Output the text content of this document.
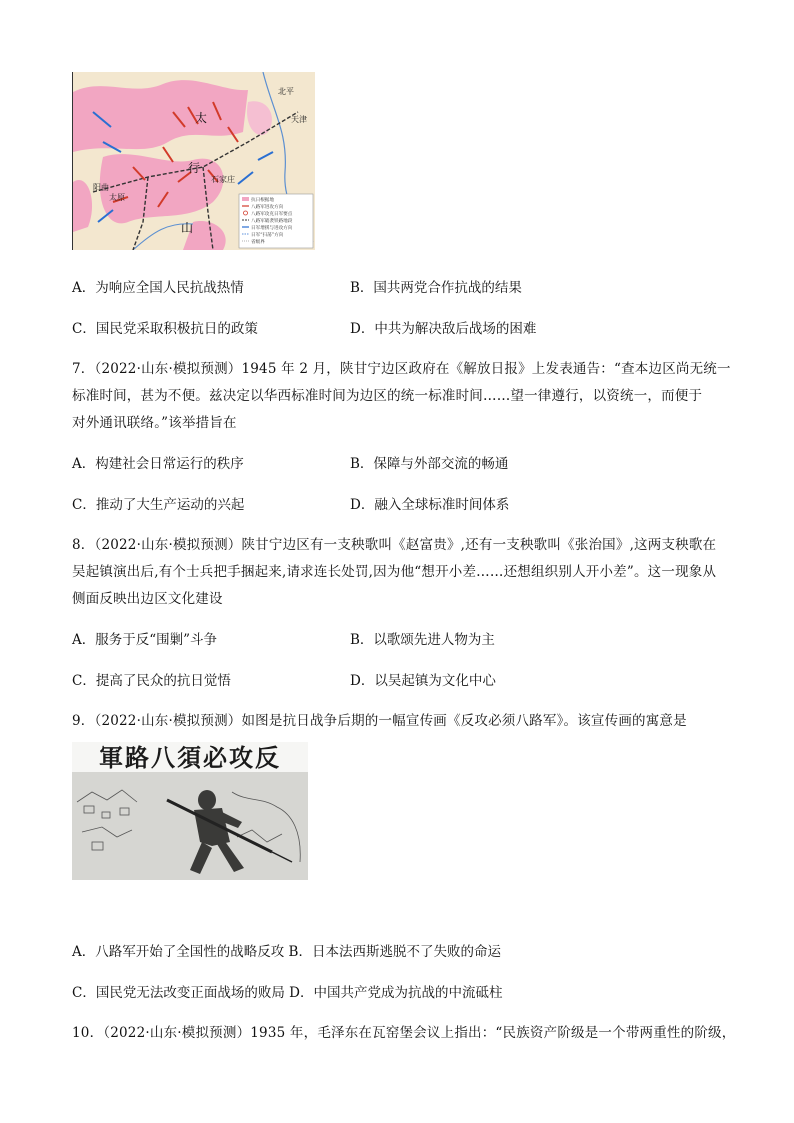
北平
天津
阳曲
太原
石家庄
太
行
山
抗日根据地
八路军进攻方向
八路军攻克日军要点
八路军破袭铁路地段
日军增援与进攻方向
日军“扫荡”方向
省级界
A．为响应全国人民抗战热情	B．国共两党合作抗战的结果
C．国民党采取积极抗日的政策	D．中共为解决敌后战场的困难
7．（2022·山东·模拟预测）1945 年 2 月，陕甘宁边区政府在《解放日报》上发表通告：“查本边区尚无统一
标准时间，甚为不便。兹决定以华西标准时间为边区的统一标准时间……望一律遵行，以资统一，而便于
对外通讯联络。”该举措旨在
A．构建社会日常运行的秩序	B．保障与外部交流的畅通
C．推动了大生产运动的兴起	D．融入全球标准时间体系
8．（2022·山东·模拟预测）陕甘宁边区有一支秧歌叫《赵富贵》,还有一支秧歌叫《张治国》,这两支秧歌在
吴起镇演出后,有个士兵把手捆起来,请求连长处罚,因为他“想开小差……还想组织别人开小差”。这一现象从
侧面反映出边区文化建设
A．服务于反“围剿”斗争	B．以歌颂先进人物为主
C．提高了民众的抗日觉悟	D．以吴起镇为文化中心
9．（2022·山东·模拟预测）如图是抗日战争后期的一幅宣传画《反攻必须八路军》。该宣传画的寓意是
軍路八須必攻反
A．八路军开始了全国性的战略反攻 B．日本法西斯逃脱不了失败的命运
C．国民党无法改变正面战场的败局 D．中国共产党成为抗战的中流砥柱
10．（2022·山东·模拟预测）1935 年，毛泽东在瓦窑堡会议上指出：“民族资产阶级是一个带两重性的阶级，
